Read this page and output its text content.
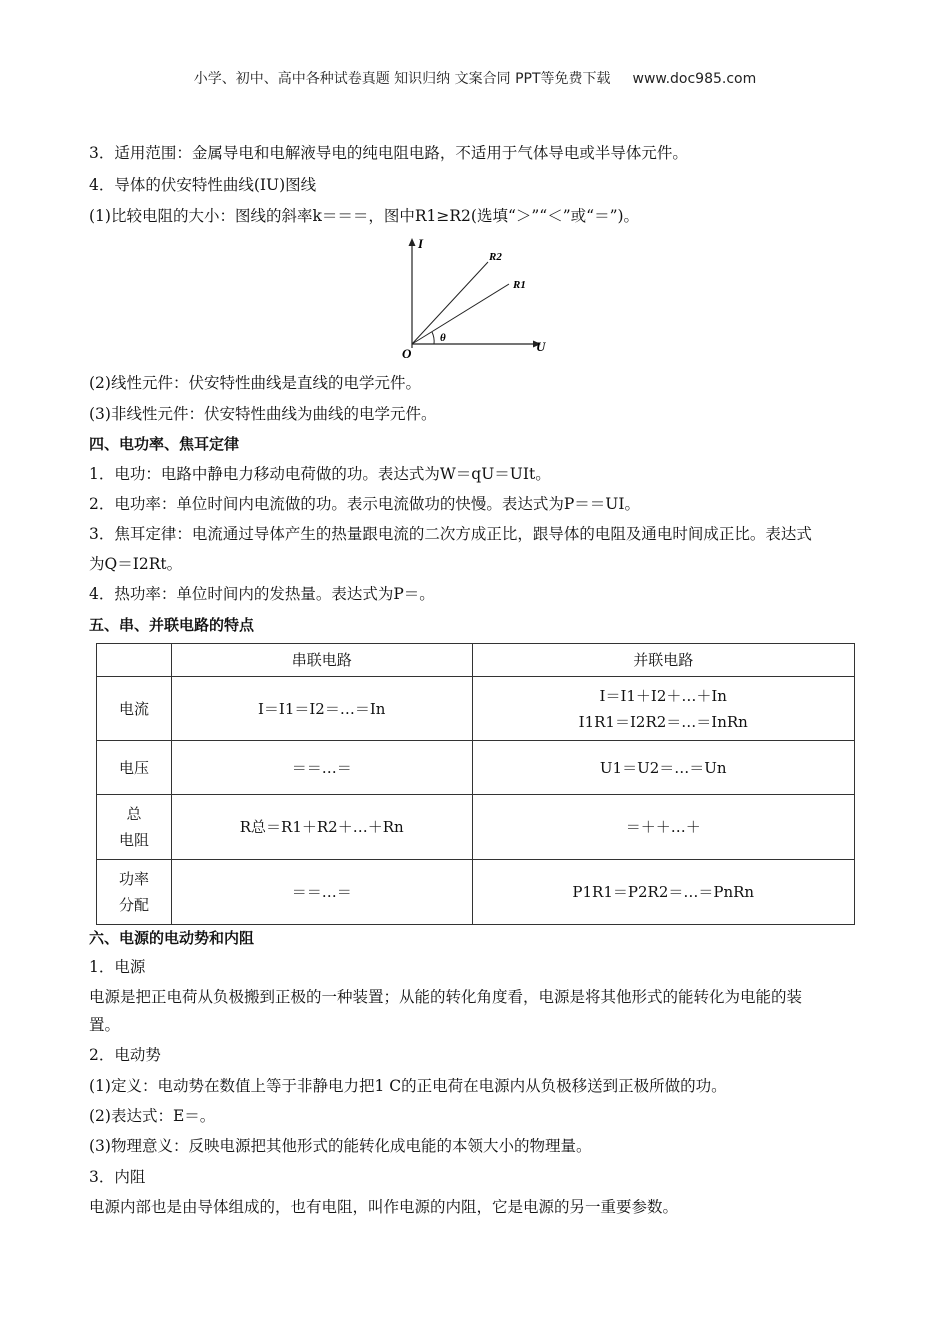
小学、初中、高中各种试卷真题 知识归纳 文案合同 PPT等免费下载 www.doc985.com
3．适用范围：金属导电和电解液导电的纯电阻电路，不适用于气体导电或半导体元件。
4．导体的伏安特性曲线(IU)图线
(1)比较电阻的大小：图线的斜率k＝＝＝，图中R1≥R2(选填“＞”“＜”或“＝”)。
I
U
O
θ
R2
R1
(2)线性元件：伏安特性曲线是直线的电学元件。
(3)非线性元件：伏安特性曲线为曲线的电学元件。
四、电功率、焦耳定律
1．电功：电路中静电力移动电荷做的功。表达式为W＝qU＝UIt。
2．电功率：单位时间内电流做的功。表示电流做功的快慢。表达式为P＝＝UI。
3．焦耳定律：电流通过导体产生的热量跟电流的二次方成正比，跟导体的电阻及通电时间成正比。表达式
为Q＝I2Rt。
4．热功率：单位时间内的发热量。表达式为P＝。
五、串、并联电路的特点
	串联电路	并联电路
电流	I＝I1＝I2＝…＝In	I＝I1＋I2＋…＋In
I1R1＝I2R2＝…＝InRn

电压	＝＝…＝	U1＝U2＝…＝Un

总
电阻	R总＝R1＋R2＋…＋Rn	＝＋＋…＋

功率
分配	＝＝…＝	P1R1＝P2R2＝…＝PnRn
六、电源的电动势和内阻
1．电源
电源是把正电荷从负极搬到正极的一种装置；从能的转化角度看，电源是将其他形式的能转化为电能的装
置。
2．电动势
(1)定义：电动势在数值上等于非静电力把1 C的正电荷在电源内从负极移送到正极所做的功。
(2)表达式：E＝。
(3)物理意义：反映电源把其他形式的能转化成电能的本领大小的物理量。
3．内阻
电源内部也是由导体组成的，也有电阻，叫作电源的内阻，它是电源的另一重要参数。
